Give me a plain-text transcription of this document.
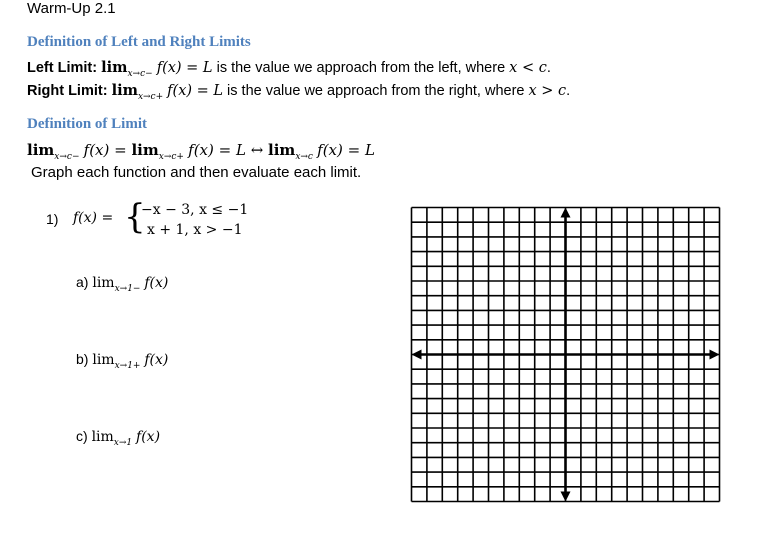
Warm-Up 2.1
Definition of Left and Right Limits
Left Limit: $\lim_{x\to c-} f(x) = L$ is the value we approach from the left, where x < c.
Right Limit: $\lim_{x\to c+} f(x) = L$ is the value we approach from the right, where x > c.
Definition of Limit
$\lim_{x\to c-} f(x) = \lim_{x\to c+} f(x) = L$ ↔ $\lim_{x\to c} f(x) = L$
Graph each function and then evaluate each limit.
1) f(x) = {
−x − 3, x ≤ −1
x + 1, x > −1
a) $\lim_{x\to 1-} f(x)$
b) $\lim_{x\to 1+} f(x)$
c) $\lim_{x\to 1} f(x)$
